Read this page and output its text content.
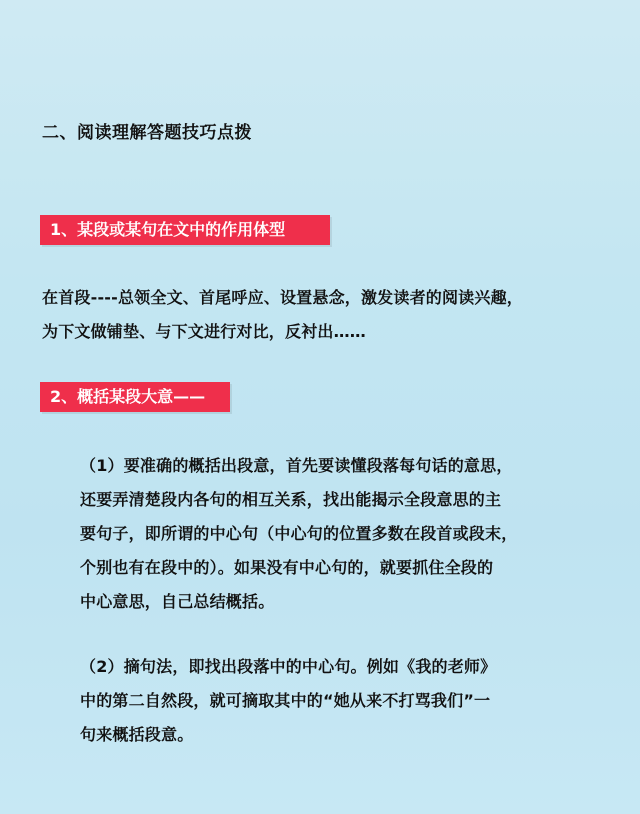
二、阅读理解答题技巧点拨
1、某段或某句在文中的作用体型
在首段----总领全文、首尾呼应、设置悬念，激发读者的阅读兴趣，
为下文做铺垫、与下文进行对比，反衬出……
2、概括某段大意——
（1）要准确的概括出段意，首先要读懂段落每句话的意思，
还要弄清楚段内各句的相互关系，找出能揭示全段意思的主
要句子，即所谓的中心句（中心句的位置多数在段首或段末，
个别也有在段中的）。如果没有中心句的，就要抓住全段的
中心意思，自己总结概括。
（2）摘句法，即找出段落中的中心句。例如《我的老师》
中的第二自然段，就可摘取其中的“她从来不打骂我们”一
句来概括段意。
